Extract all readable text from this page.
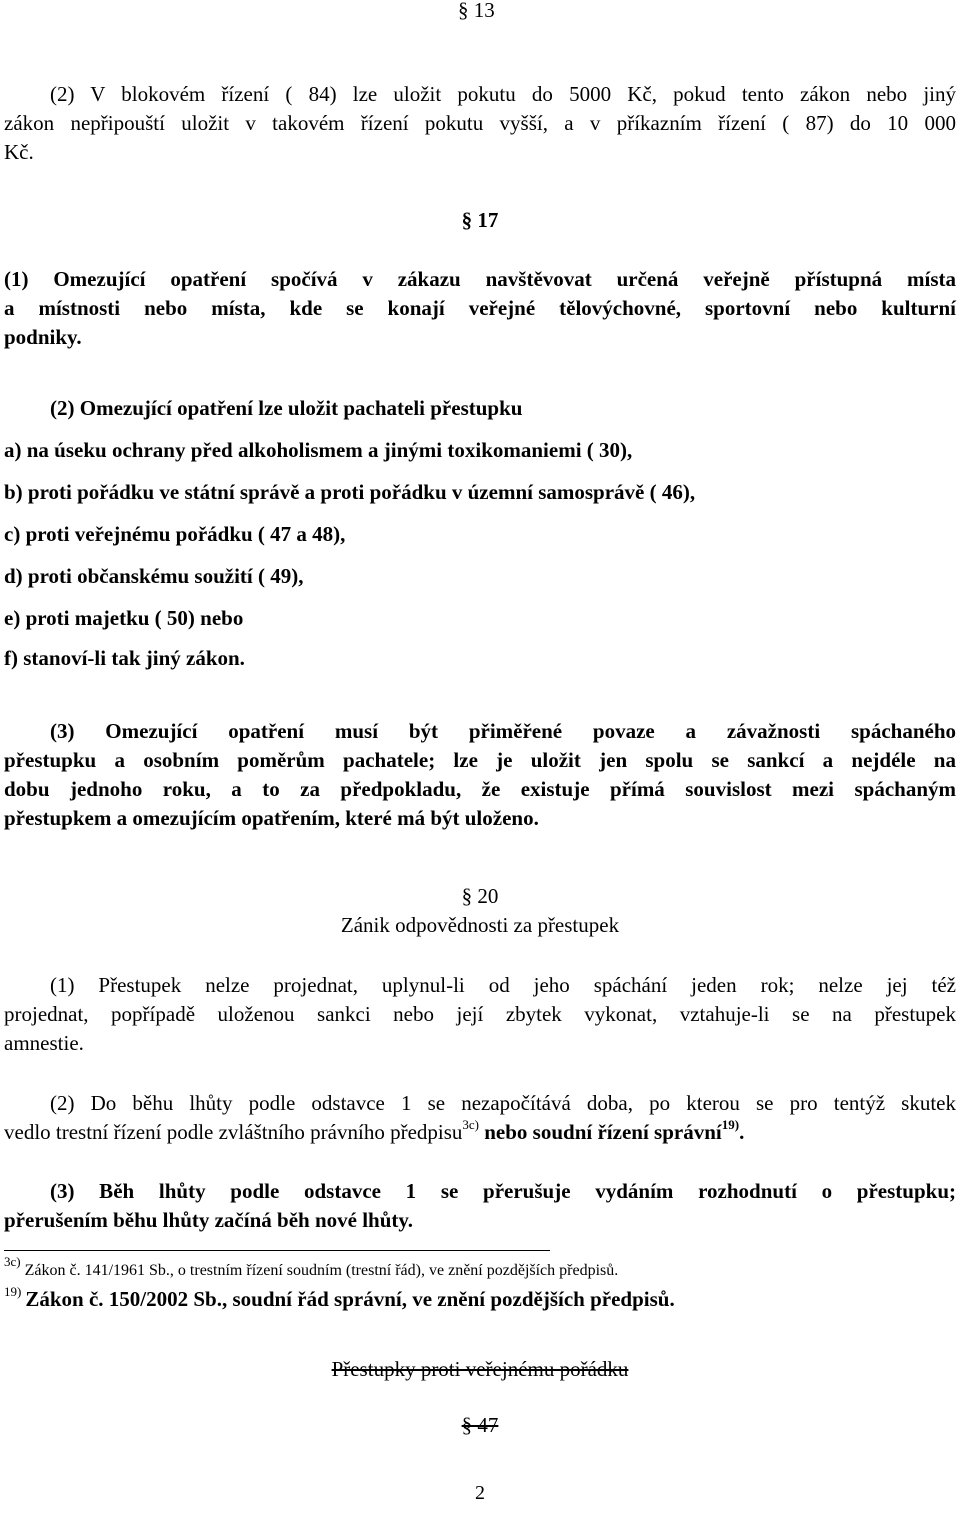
§ 13
(2) V blokovém řízení ( 84) lze uložit pokutu do 5000 Kč, pokud tento zákon nebo jiný
zákon nepřipouští uložit v takovém řízení pokutu vyšší, a v příkazním řízení ( 87) do 10 000
Kč.
§ 17
(1) Omezující opatření spočívá v zákazu navštěvovat určená veřejně přístupná místa
a místnosti nebo místa, kde se konají veřejné tělovýchovné, sportovní nebo kulturní
podniky.
(2) Omezující opatření lze uložit pachateli přestupku
a) na úseku ochrany před alkoholismem a jinými toxikomaniemi ( 30),
b) proti pořádku ve státní správě a proti pořádku v územní samosprávě ( 46),
c) proti veřejnému pořádku ( 47 a 48),
d) proti občanskému soužití ( 49),
e) proti majetku ( 50) nebo
f) stanoví-li tak jiný zákon.
(3) Omezující opatření musí být přiměřené povaze a závažnosti spáchaného
přestupku a osobním poměrům pachatele; lze je uložit jen spolu se sankcí a nejdéle na
dobu jednoho roku, a to za předpokladu, že existuje přímá souvislost mezi spáchaným
přestupkem a omezujícím opatřením, které má být uloženo.
§ 20
Zánik odpovědnosti za přestupek
(1) Přestupek nelze projednat, uplynul-li od jeho spáchání jeden rok; nelze jej též
projednat, popřípadě uloženou sankci nebo její zbytek vykonat, vztahuje-li se na přestupek
amnestie.
(2) Do běhu lhůty podle odstavce 1 se nezapočítává doba, po kterou se pro tentýž skutek
vedlo trestní řízení podle zvláštního právního předpisu$^{3c)}$ nebo soudní řízení správní$^{19)}$.
(3) Běh lhůty podle odstavce 1 se přerušuje vydáním rozhodnutí o přestupku;
přerušením běhu lhůty začíná běh nové lhůty.
$^{3c)}$Zákon č. 141/1961 Sb., o trestním řízení soudním (trestní řád), ve znění pozdějších předpisů.
$^{19)}$ Zákon č. 150/2002 Sb., soudní řád správní, ve znění pozdějších předpisů.
Přestupky proti veřejnému pořádku
§ 47
2
